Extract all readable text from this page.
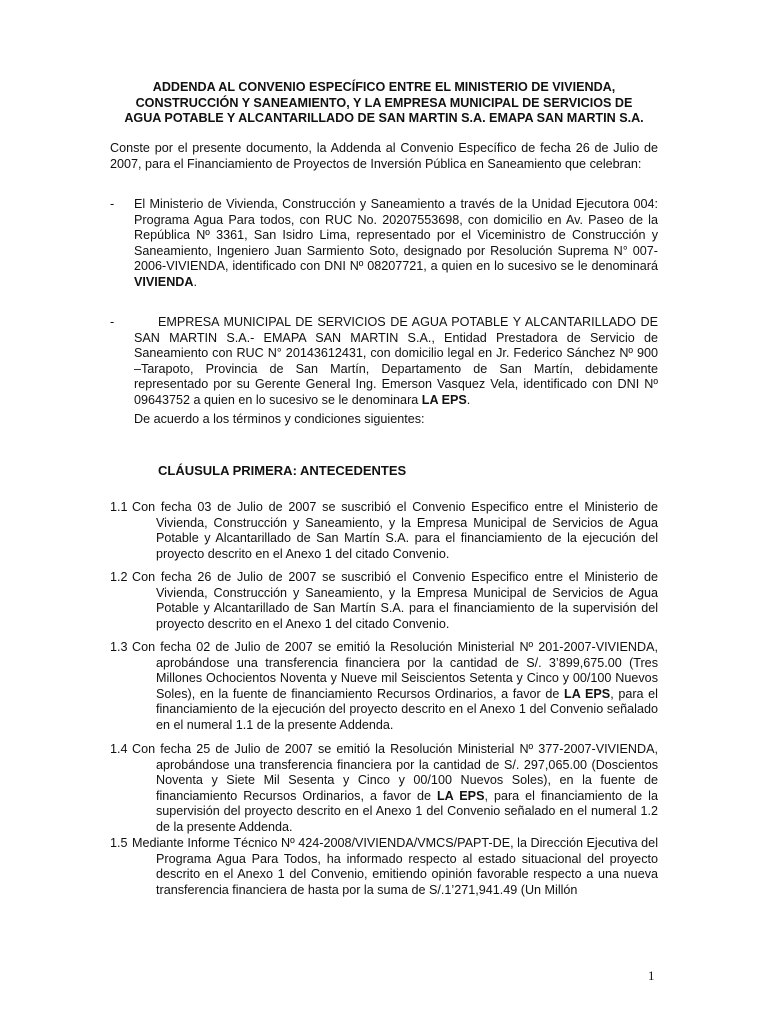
ADDENDA AL CONVENIO ESPECÍFICO ENTRE EL MINISTERIO DE VIVIENDA,
CONSTRUCCIÓN Y SANEAMIENTO, Y LA EMPRESA MUNICIPAL DE SERVICIOS DE
AGUA POTABLE Y ALCANTARILLADO DE SAN MARTIN S.A. EMAPA SAN MARTIN S.A.

Conste por el presente documento, la Addenda al Convenio Específico de fecha 26 de Julio de 2007, para el Financiamiento de Proyectos de Inversión Pública en Saneamiento que celebran:

-	El Ministerio de Vivienda, Construcción y Saneamiento a través de la Unidad Ejecutora 004: Programa Agua Para todos, con RUC No. 20207553698, con domicilio en Av. Paseo de la República Nº 3361, San Isidro Lima, representado por el Viceministro de Construcción y Saneamiento, Ingeniero Juan Sarmiento Soto, designado por Resolución Suprema N° 007-2006-VIVIENDA, identificado con DNI Nº 08207721, a quien en lo sucesivo se le denominará VIVIENDA.

-	EMPRESA MUNICIPAL DE SERVICIOS DE AGUA POTABLE Y ALCANTARILLADO DE SAN MARTIN S.A.- EMAPA SAN MARTIN S.A., Entidad Prestadora de Servicio de Saneamiento con RUC N° 20143612431, con domicilio legal en Jr. Federico Sánchez Nº 900 –Tarapoto, Provincia de San Martín, Departamento de San Martín, debidamente representado por su Gerente General Ing. Emerson Vasquez Vela, identificado con DNI Nº 09643752 a quien en lo sucesivo se le denominara LA EPS.

De acuerdo a los términos y condiciones siguientes:

CLÁUSULA PRIMERA: ANTECEDENTES
1.1 Con fecha 03 de Julio de 2007 se suscribió el Convenio Especifico entre el Ministerio de Vivienda, Construcción y Saneamiento, y la Empresa Municipal de Servicios de Agua Potable y Alcantarillado de San Martín S.A. para el financiamiento de la ejecución del proyecto descrito en el Anexo 1 del citado Convenio.
1.2 Con fecha 26 de Julio de 2007 se suscribió el Convenio Especifico entre el Ministerio de Vivienda, Construcción y Saneamiento, y la Empresa Municipal de Servicios de Agua Potable y Alcantarillado de San Martín S.A. para el financiamiento de la supervisión del proyecto descrito en el Anexo 1 del citado Convenio.
1.3 Con fecha 02 de Julio de 2007 se emitió la Resolución Ministerial Nº 201-2007-VIVIENDA, aprobándose una transferencia financiera por la cantidad de S/. 3’899,675.00 (Tres Millones Ochocientos Noventa y Nueve mil Seiscientos Setenta y Cinco y 00/100 Nuevos Soles), en la fuente de financiamiento Recursos Ordinarios, a favor de LA EPS, para el financiamiento de la ejecución del proyecto descrito en el Anexo 1 del Convenio señalado en el numeral 1.1 de la presente Addenda.
1.4 Con fecha 25 de Julio de 2007 se emitió la Resolución Ministerial Nº 377-2007-VIVIENDA, aprobándose una transferencia financiera por la cantidad de S/. 297,065.00 (Doscientos Noventa y Siete Mil Sesenta y Cinco y 00/100 Nuevos Soles), en la fuente de financiamiento Recursos Ordinarios, a favor de LA EPS, para el financiamiento de la supervisión del proyecto descrito en el Anexo 1 del Convenio señalado en el numeral 1.2 de la presente Addenda.
1.5 Mediante Informe Técnico Nº 424-2008/VIVIENDA/VMCS/PAPT-DE, la Dirección Ejecutiva del Programa Agua Para Todos, ha informado respecto al estado situacional del proyecto descrito en el Anexo 1 del Convenio, emitiendo opinión favorable respecto a una nueva transferencia financiera de hasta por la suma de S/.1’271,941.49 (Un Millón

1
